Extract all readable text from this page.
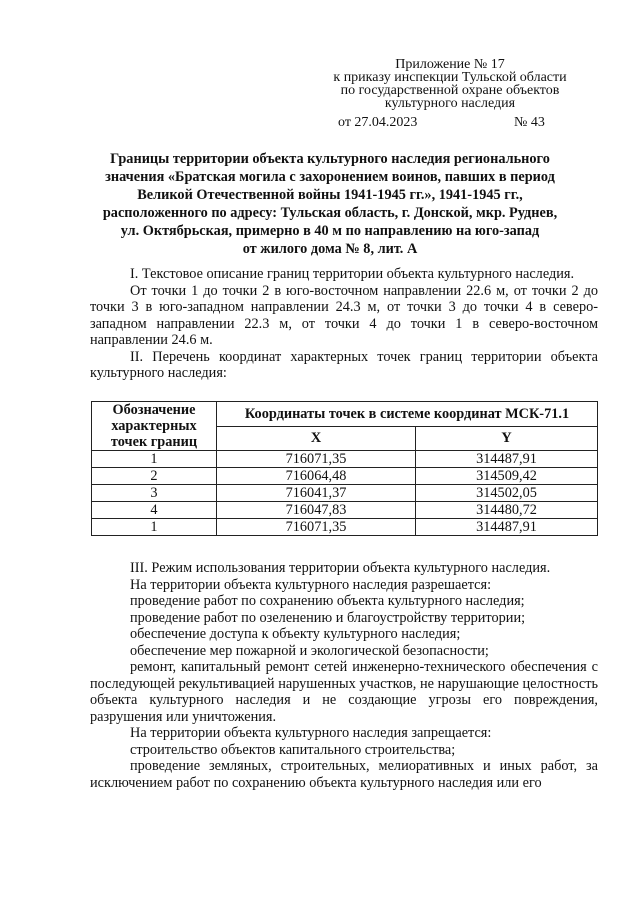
Приложение № 17
к приказу инспекции Тульской области
по государственной охране объектов
культурного наследия
от 27.04.2023	№ 43
Границы территории объекта культурного наследия регионального
значения «Братская могила с захоронением воинов, павших в период
Великой Отечественной войны 1941-1945 гг.», 1941-1945 гг.,
расположенного по адресу: Тульская область, г. Донской, мкр. Руднев,
ул. Октябрьская, примерно в 40 м по направлению на юго-запад
от жилого дома № 8, лит. А

I. Текстовое описание границ территории объекта культурного наследия.

От точки 1 до точки 2 в юго-восточном направлении 22.6 м, от точки 2 до точки 3 в юго-западном направлении 24.3 м, от точки 3 до точки 4 в северо-западном направлении 22.3 м, от точки 4 до точки 1 в северо-восточном направлении 24.6 м.

II. Перечень координат характерных точек границ территории объекта культурного наследия:

Обозначение характерных точек границ	Координаты точек в системе координат МСК-71.1	
	X	Y
1	716071,35	314487,91
2	716064,48	314509,42
3	716041,37	314502,05
4	716047,83	314480,72
1	716071,35	314487,91

III. Режим использования территории объекта культурного наследия.

На территории объекта культурного наследия разрешается:

проведение работ по сохранению объекта культурного наследия;

проведение работ по озеленению и благоустройству территории;

обеспечение доступа к объекту культурного наследия;

обеспечение мер пожарной и экологической безопасности;

ремонт, капитальный ремонт сетей инженерно-технического обеспечения с последующей рекультивацией нарушенных участков, не нарушающие целостность объекта культурного наследия и не создающие угрозы его повреждения, разрушения или уничтожения.

На территории объекта культурного наследия запрещается:

строительство объектов капитального строительства;

проведение земляных, строительных, мелиоративных и иных работ, за исключением работ по сохранению объекта культурного наследия или его
